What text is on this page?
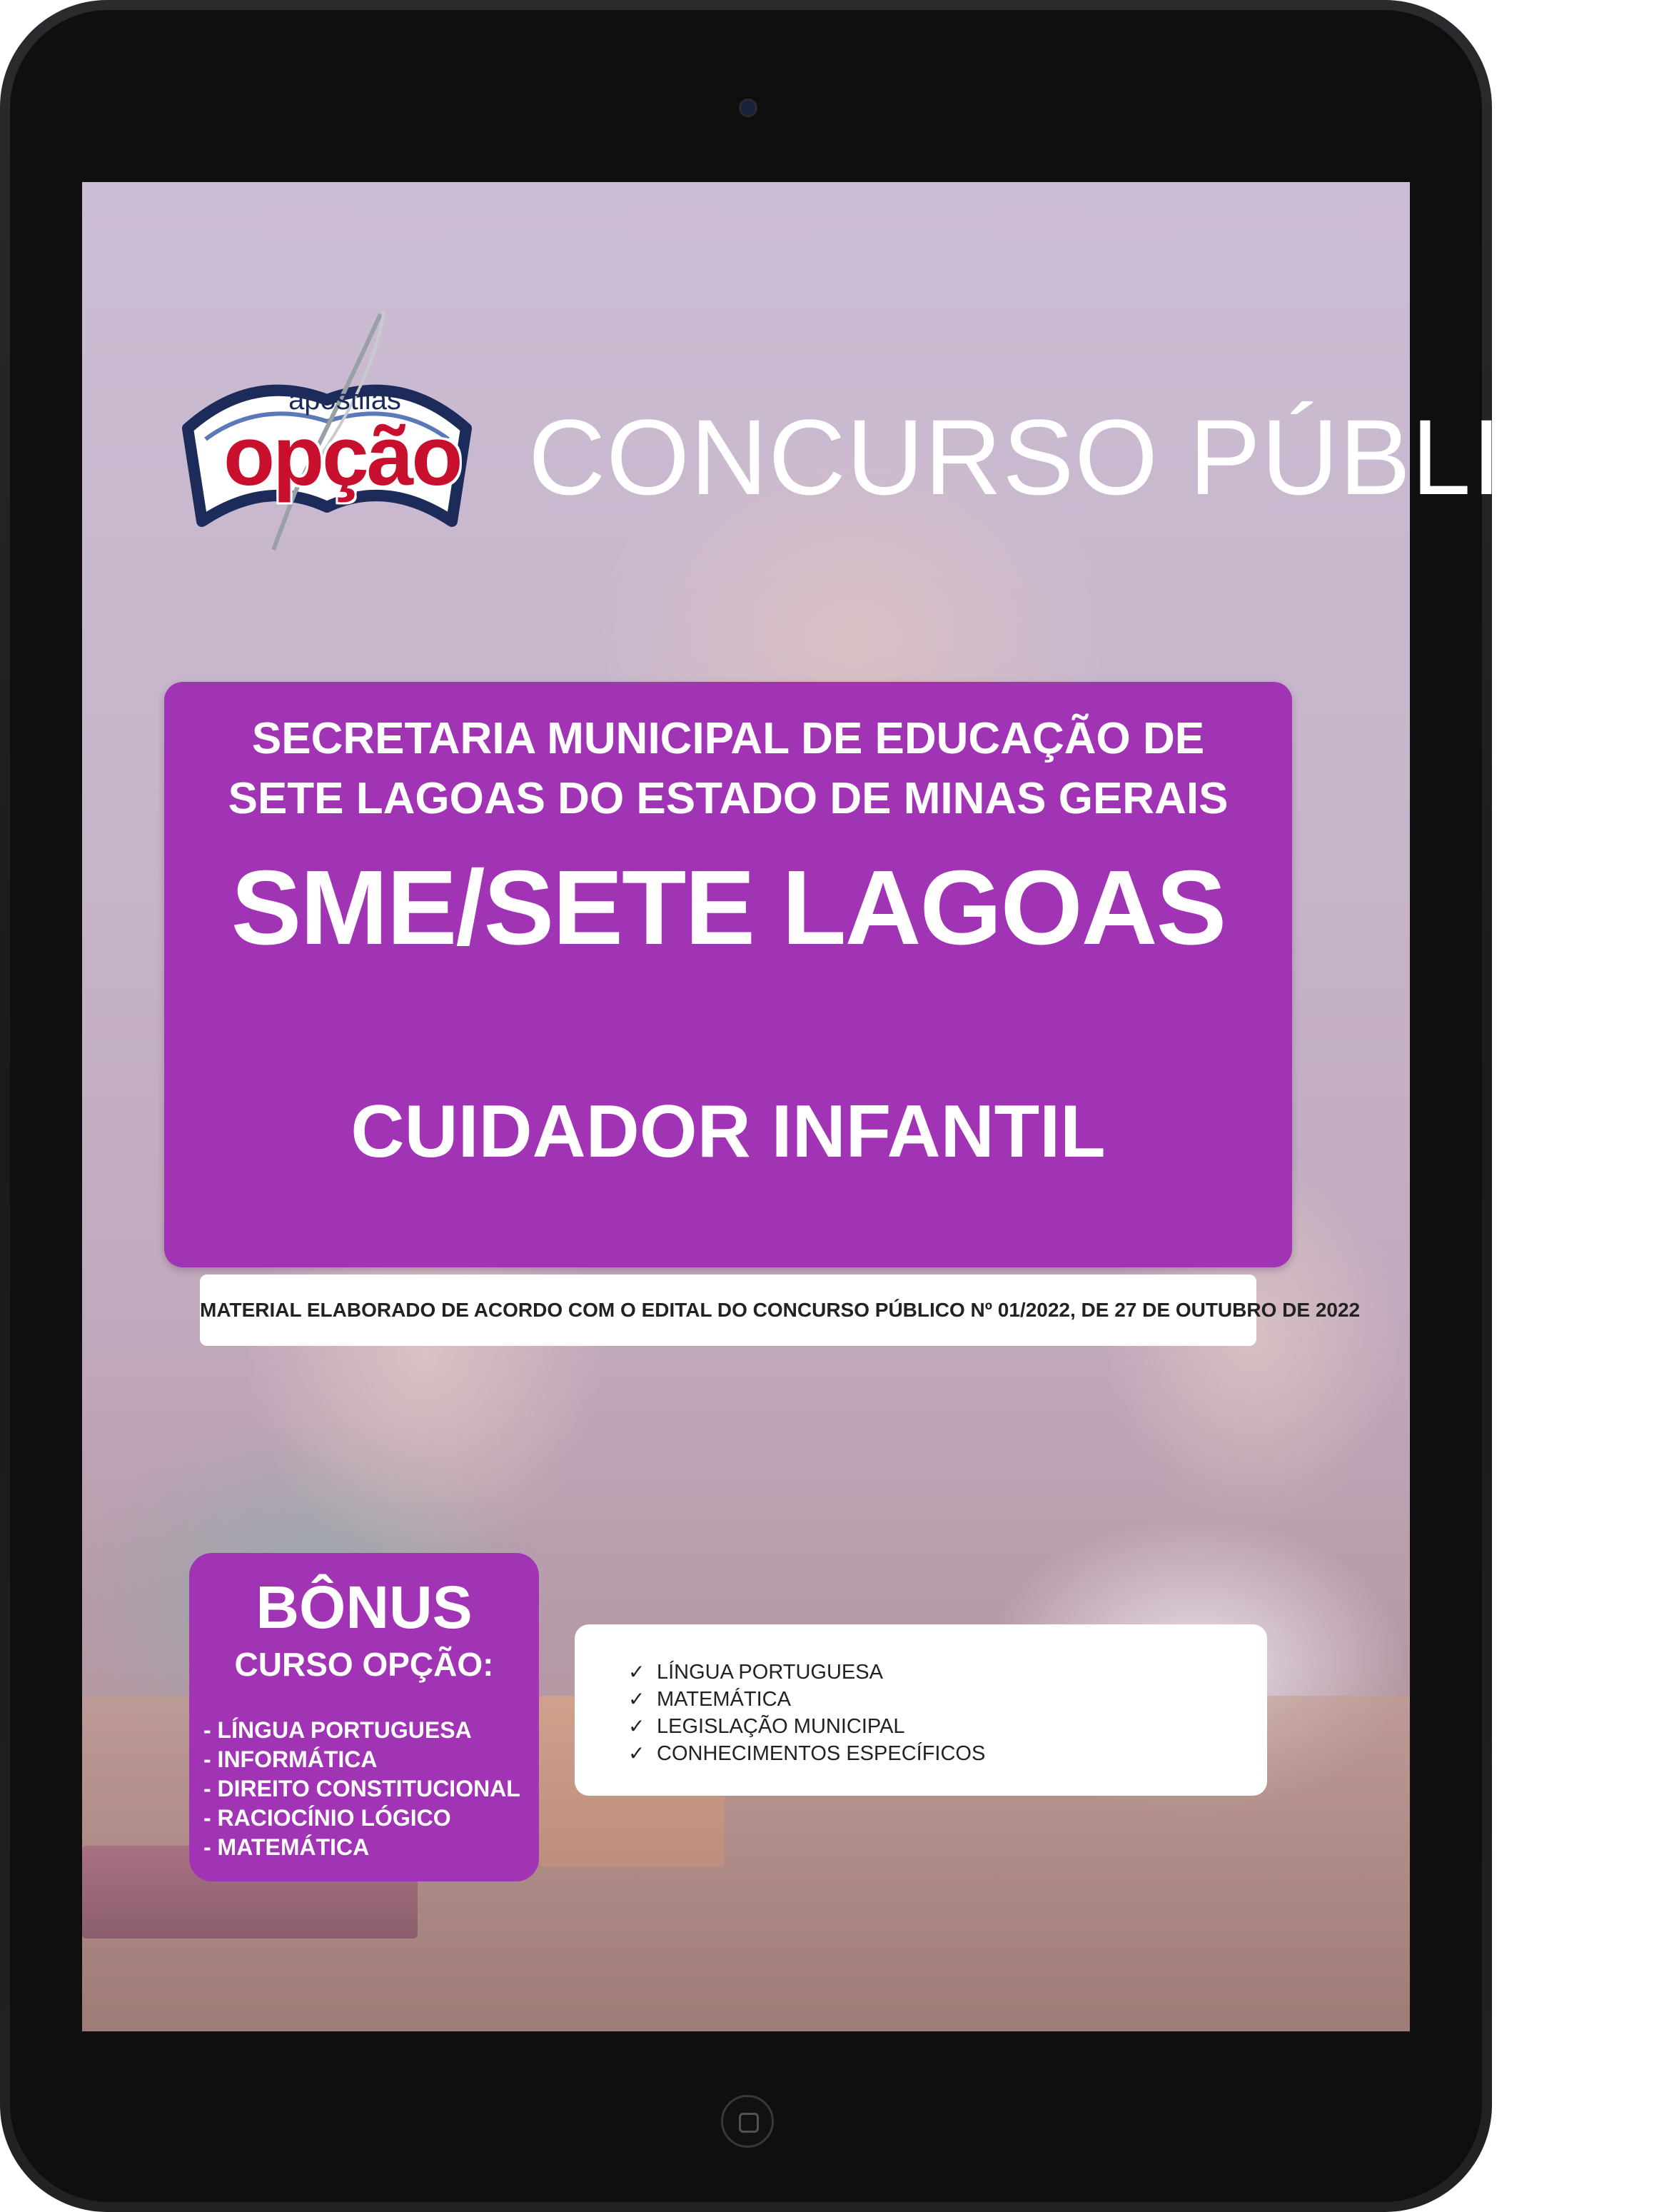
apostilas
opção CONCURSO PÚBLICO
SECRETARIA MUNICIPAL DE EDUCAÇÃO DE
SETE LAGOAS DO ESTADO DE MINAS GERAIS
SME/SETE LAGOAS
CUIDADOR INFANTIL
MATERIAL ELABORADO DE ACORDO COM O EDITAL DO CONCURSO PÚBLICO Nº 01/2022, DE 27 DE OUTUBRO DE 2022
BÔNUS
CURSO OPÇÃO:
- LÍNGUA PORTUGUESA
- INFORMÁTICA
- DIREITO CONSTITUCIONAL
- RACIOCÍNIO LÓGICO
- MATEMÁTICA
✓ LÍNGUA PORTUGUESA
✓ MATEMÁTICA
✓ LEGISLAÇÃO MUNICIPAL
✓ CONHECIMENTOS ESPECÍFICOS
